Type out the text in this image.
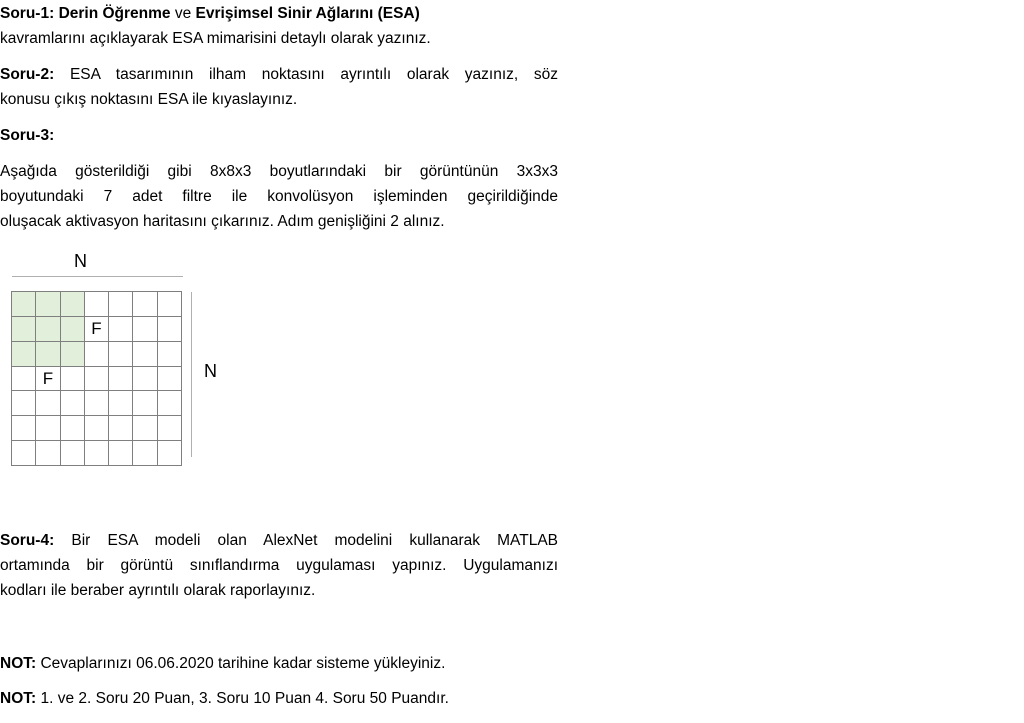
Soru-1: Derin Öğrenme ve Evrişimsel Sinir Ağlarını (ESA)
kavramlarını açıklayarak ESA mimarisini detaylı olarak yazınız.
Soru-2: ESA tasarımının ilham noktasını ayrıntılı olarak yazınız, söz
konusu çıkış noktasını ESA ile kıyaslayınız.
Soru-3:
Aşağıda gösterildiği gibi 8x8x3 boyutlarındaki bir görüntünün 3x3x3
boyutundaki 7 adet filtre ile konvolüsyon işleminden geçirildiğinde
oluşacak aktivasyon haritasını çıkarınız. Adım genişliğini 2 alınız.
Soru-4: Bir ESA modeli olan AlexNet modelini kullanarak MATLAB
ortamında bir görüntü sınıflandırma uygulaması yapınız. Uygulamanızı
kodları ile beraber ayrıntılı olarak raporlayınız.
NOT: Cevaplarınızı 06.06.2020 tarihine kadar sisteme yükleyiniz.
NOT: 1. ve 2. Soru 20 Puan, 3. Soru 10 Puan 4. Soru 50 Puandır.
N
F
F	N
